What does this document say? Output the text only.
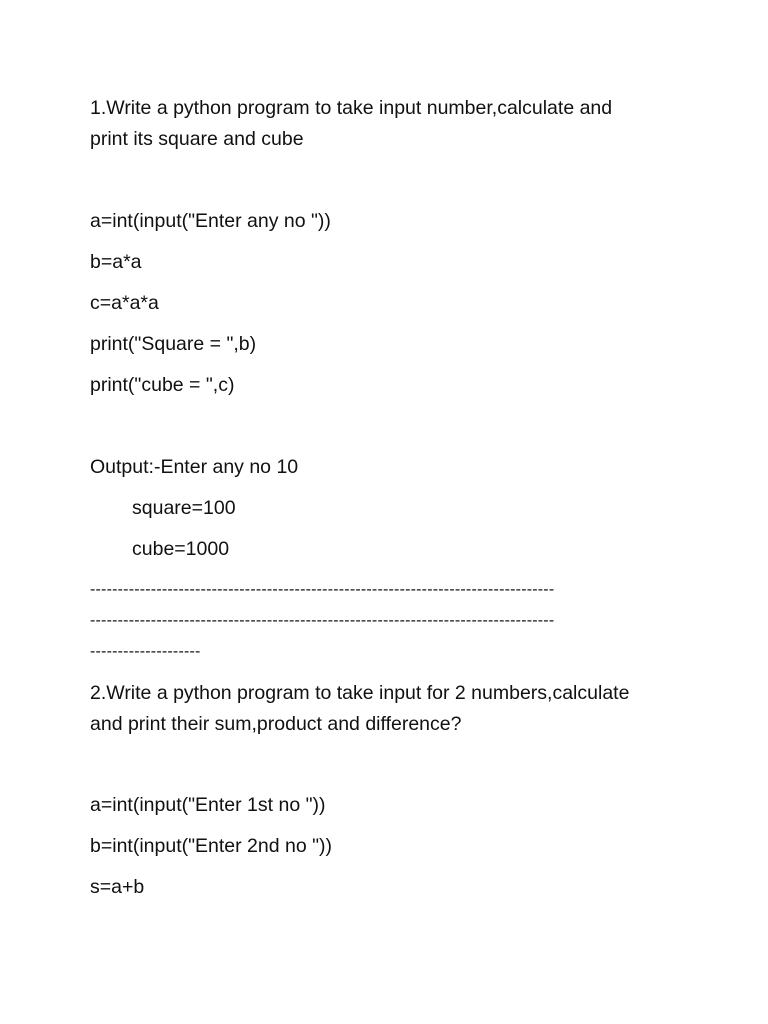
1.Write a python program to take input number,calculate and
print its square and cube
a=int(input("Enter any no "))
b=a*a
c=a*a*a
print("Square = ",b)
print("cube = ",c)
Output:-Enter any no 10
square=100
cube=1000
------------------------------------------------------------------------------------
------------------------------------------------------------------------------------
--------------------
2.Write a python program to take input for 2 numbers,calculate
and print their sum,product and difference?
a=int(input("Enter 1st no "))
b=int(input("Enter 2nd no "))
s=a+b
